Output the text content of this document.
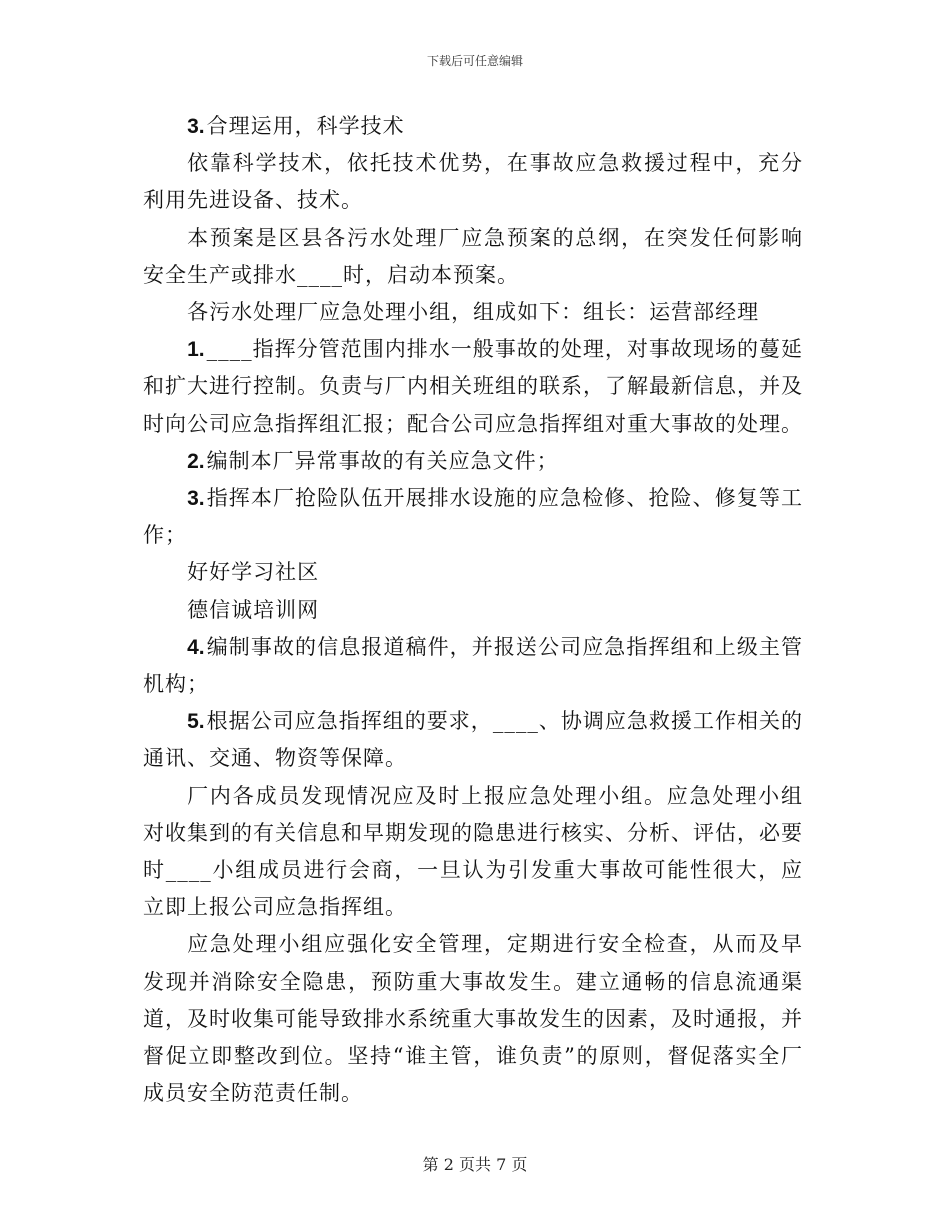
下载后可任意编辑

3.合理运用，科学技术

依靠科学技术，依托技术优势，在事故应急救援过程中，充分利用先进设备、技术。

本预案是区县各污水处理厂应急预案的总纲，在突发任何影响安全生产或排水____时，启动本预案。

各污水处理厂应急处理小组，组成如下：组长：运营部经理

1.____指挥分管范围内排水一般事故的处理，对事故现场的蔓延和扩大进行控制。负责与厂内相关班组的联系，了解最新信息，并及时向公司应急指挥组汇报；配合公司应急指挥组对重大事故的处理。

2.编制本厂异常事故的有关应急文件；

3.指挥本厂抢险队伍开展排水设施的应急检修、抢险、修复等工作；

好好学习社区

德信诚培训网

4.编制事故的信息报道稿件，并报送公司应急指挥组和上级主管机构；

5.根据公司应急指挥组的要求，____、协调应急救援工作相关的通讯、交通、物资等保障。

厂内各成员发现情况应及时上报应急处理小组。应急处理小组对收集到的有关信息和早期发现的隐患进行核实、分析、评估，必要时____小组成员进行会商，一旦认为引发重大事故可能性很大，应立即上报公司应急指挥组。

应急处理小组应强化安全管理，定期进行安全检查，从而及早发现并消除安全隐患，预防重大事故发生。建立通畅的信息流通渠道，及时收集可能导致排水系统重大事故发生的因素，及时通报，并督促立即整改到位。坚持“谁主管，谁负责”的原则，督促落实全厂成员安全防范责任制。

第 2 页共 7 页
